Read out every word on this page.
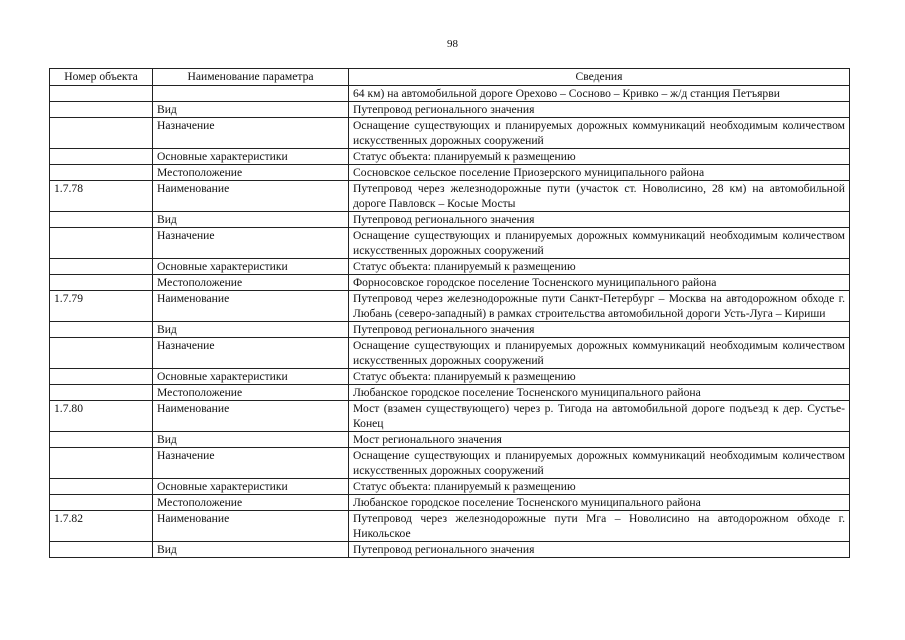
98
Номер объекта	Наименование параметра	Сведения
		64 км) на автомобильной дороге Орехово – Сосново – Кривко – ж/д станция Петъярви
	Вид	Путепровод регионального значения
	Назначение	Оснащение существующих и планируемых дорожных коммуникаций необходимым количеством искусственных дорожных сооружений
	Основные характеристики	Статус объекта: планируемый к размещению
	Местоположение	Сосновское сельское поселение Приозерского муниципального района
1.7.78	Наименование	Путепровод через железнодорожные пути (участок ст. Новолисино, 28 км) на автомобильной дороге Павловск – Косые Мосты
	Вид	Путепровод регионального значения
	Назначение	Оснащение существующих и планируемых дорожных коммуникаций необходимым количеством искусственных дорожных сооружений
	Основные характеристики	Статус объекта: планируемый к размещению
	Местоположение	Форносовское городское поселение Тосненского муниципального района
1.7.79	Наименование	Путепровод через железнодорожные пути Санкт-Петербург – Москва на автодорожном обходе г. Любань (северо-западный) в рамках строительства автомобильной дороги Усть-Луга – Кириши
	Вид	Путепровод регионального значения
	Назначение	Оснащение существующих и планируемых дорожных коммуникаций необходимым количеством искусственных дорожных сооружений
	Основные характеристики	Статус объекта: планируемый к размещению
	Местоположение	Любанское городское поселение Тосненского муниципального района
1.7.80	Наименование	Мост (взамен существующего) через р. Тигода на автомобильной дороге подъезд к дер. Сустье-Конец
	Вид	Мост регионального значения
	Назначение	Оснащение существующих и планируемых дорожных коммуникаций необходимым количеством искусственных дорожных сооружений
	Основные характеристики	Статус объекта: планируемый к размещению
	Местоположение	Любанское городское поселение Тосненского муниципального района
1.7.82	Наименование	Путепровод через железнодорожные пути Мга – Новолисино на автодорожном обходе г. Никольское
	Вид	Путепровод регионального значения
